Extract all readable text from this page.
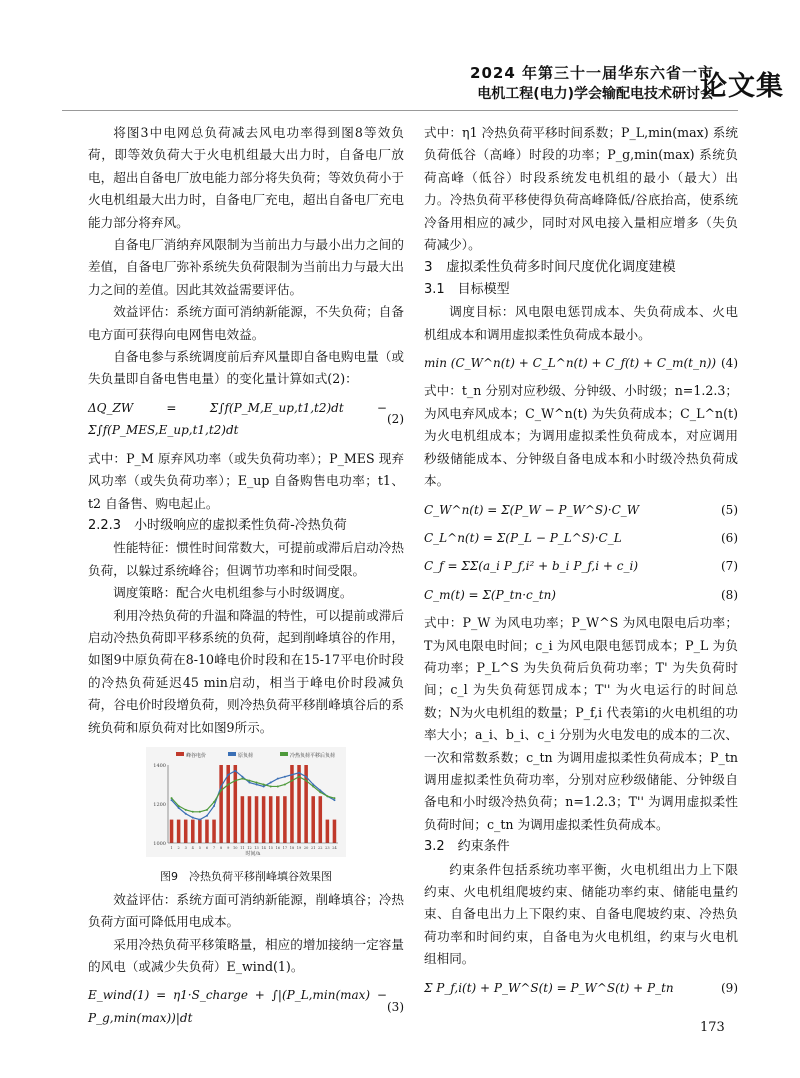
2024 年第三十一届华东六省一市
电机工程(电力)学会输配电技术研讨会
论文集

将图3中电网总负荷减去风电功率得到图8等效负荷，即等效负荷大于火电机组最大出力时，自备电厂放电，超出自备电厂放电能力部分将失负荷；等效负荷小于火电机组最大出力时，自备电厂充电，超出自备电厂充电能力部分将弃风。

自备电厂消纳弃风限制为当前出力与最小出力之间的差值，自备电厂弥补系统失负荷限制为当前出力与最大出力之间的差值。因此其效益需要评估。

效益评估：系统方面可消纳新能源，不失负荷；自备电方面可获得向电网售电效益。

自备电参与系统调度前后弃风量即自备电购电量（或失负量即自备电售电量）的变化量计算如式(2)：

ΔQ_ZW = Σ∫f(P_M,E_up,t1,t2)dt − Σ∫f(P_MES,E_up,t1,t2)dt
(2)

式中：P_M 原弃风功率（或失负荷功率）；P_MES 现弃风功率（或失负荷功率）；E_up 自备购售电功率；t1、t2 自备售、购电起止。

2.2.3　小时级响应的虚拟柔性负荷-冷热负荷

性能特征：惯性时间常数大，可提前或滞后启动冷热负荷，以躲过系统峰谷；但调节功率和时间受限。

调度策略：配合火电机组参与小时级调度。

利用冷热负荷的升温和降温的特性，可以提前或滞后启动冷热负荷即平移系统的负荷，起到削峰填谷的作用，如图9中原负荷在8-10峰电价时段和在15-17平电价时段的冷热负荷延迟45 min启动，相当于峰电价时段减负荷，谷电价时段增负荷，则冷热负荷平移削峰填谷后的系统负荷和原负荷对比如图9所示。

峰谷电价	原负荷	冷热负荷平移后负荷
1000
1200
1400
1 2 3 4 5 6 7 8 9 10 11 12 13 14 15 16 17 18 19 20 21 22 23 24
时间/h

图9　冷热负荷平移削峰填谷效果图

效益评估：系统方面可消纳新能源，削峰填谷；冷热负荷方面可降低用电成本。

采用冷热负荷平移策略量，相应的增加接纳一定容量的风电（或减少失负荷）E_wind(1)。

E_wind(1) = η1·S_charge + ∫|(P_L,min(max) − P_g,min(max))|dt
(3)

式中：η1 冷热负荷平移时间系数；P_L,min(max) 系统负荷低谷（高峰）时段的功率；P_g,min(max) 系统负荷高峰（低谷）时段系统发电机组的最小（最大）出力。冷热负荷平移使得负荷高峰降低/谷底抬高，使系统冷备用相应的减少，同时对风电接入量相应增多（失负荷减少）。

3　虚拟柔性负荷多时间尺度优化调度建模

3.1　目标模型

调度目标：风电限电惩罚成本、失负荷成本、火电机组成本和调用虚拟柔性负荷成本最小。

min (C_W^n(t) + C_L^n(t) + C_f(t) + C_m(t_n)) (4)

式中：t_n 分别对应秒级、分钟级、小时级；n=1.2.3；为风电弃风成本；C_W^n(t) 为失负荷成本；C_L^n(t) 为火电机组成本；为调用虚拟柔性负荷成本，对应调用秒级储能成本、分钟级自备电成本和小时级冷热负荷成本。

C_W^n(t) = Σ(P_W − P_W^S)·C_W	(5)
C_L^n(t) = Σ(P_L − P_L^S)·C_L	(6)
C_f = ΣΣ(a_i P_f,i² + b_i P_f,i + c_i)	(7)
C_m(t) = Σ(P_tn·c_tn)	(8)

式中：P_W 为风电功率；P_W^S 为风电限电后功率；T为风电限电时间；c_i 为风电限电惩罚成本；P_L 为负荷功率；P_L^S 为失负荷后负荷功率；T' 为失负荷时间；c_l 为失负荷惩罚成本；T'' 为火电运行的时间总数；N为火电机组的数量；P_f,i 代表第i的火电机组的功率大小；a_i、b_i、c_i 分别为火电发电的成本的二次、一次和常数系数；c_tn 为调用虚拟柔性负荷成本；P_tn 调用虚拟柔性负荷功率，分别对应秒级储能、分钟级自备电和小时级冷热负荷；n=1.2.3；T'' 为调用虚拟柔性负荷时间；c_tn 为调用虚拟柔性负荷成本。

3.2　约束条件

约束条件包括系统功率平衡，火电机组出力上下限约束、火电机组爬坡约束、储能功率约束、储能电量约束、自备电出力上下限约束、自备电爬坡约束、冷热负荷功率和时间约束，自备电为火电机组，约束与火电机组相同。

Σ P_f,i(t) + P_W^S(t) = P_W^S(t) + P_tn	(9)
173
